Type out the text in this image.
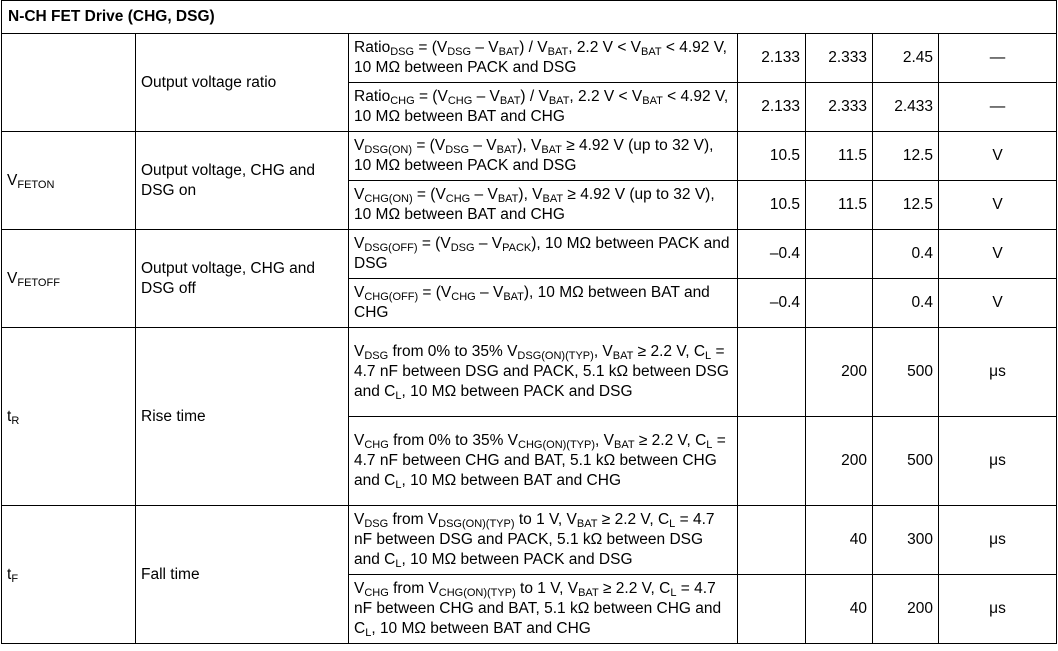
N-CH FET Drive (CHG, DSG)						
	Output voltage ratio	Ratio$_{DSG}$ = $(V_{DSG} - V_{BAT}) / V_{BAT}$, 2.2 $V < V_{BAT} < 4.92$ V, 10 MΩ between PACK and DSG	2.133	2.333	2.45	—
		Ratio$_{CHG}$ = $(V_{CHG} - V_{BAT}) / V_{BAT}$, 2.2 $V < V_{BAT} < 4.92$ V, 10 MΩ between BAT and CHG	2.133	2.333	2.433	—
$V_{FETON}$	Output voltage, CHG and DSG on	$V_{DSG(ON)} = (V_{DSG} - V_{BAT})$, $V_{BAT} \ge 4.92$ V (up to 32 V), 10 MΩ between PACK and DSG	10.5	11.5	12.5	V
		$V_{CHG(ON)} = (V_{CHG} - V_{BAT})$, $V_{BAT} \ge 4.92$ V (up to 32 V), 10 MΩ between BAT and CHG	10.5	11.5	12.5	V
$V_{FETOFF}$	Output voltage, CHG and DSG off	$V_{DSG(OFF)} = (V_{DSG} - V_{PACK})$, 10 MΩ between PACK and DSG	–0.4		0.4	V
		$V_{CHG(OFF)} = (V_{CHG} - V_{BAT})$, 10 MΩ between BAT and CHG	–0.4		0.4	V
$t_R$	Rise time	$V_{DSG}$ from 0% to 35% $V_{DSG(ON)(TYP)}$, $V_{BAT} \ge 2.2$ V, $C_L = 4.7$ nF between DSG and PACK, 5.1 kΩ between DSG and $C_L$, 10 MΩ between PACK and DSG		200	500	μs
		$V_{CHG}$ from 0% to 35% $V_{CHG(ON)(TYP)}$, $V_{BAT} \ge 2.2$ V, $C_L = 4.7$ nF between CHG and BAT, 5.1 kΩ between CHG and $C_L$, 10 MΩ between BAT and CHG		200	500	μs
$t_F$	Fall time	$V_{DSG}$ from $V_{DSG(ON)(TYP)}$ to 1 V, $V_{BAT} \ge 2.2$ V, $C_L = 4.7$ nF between DSG and PACK, 5.1 kΩ between DSG and $C_L$, 10 MΩ between PACK and DSG		40	300	μs
		$V_{CHG}$ from $V_{CHG(ON)(TYP)}$ to 1 V, $V_{BAT} \ge 2.2$ V, $C_L = 4.7$ nF between CHG and BAT, 5.1 kΩ between CHG and $C_L$, 10 MΩ between BAT and CHG		40	200	μs
